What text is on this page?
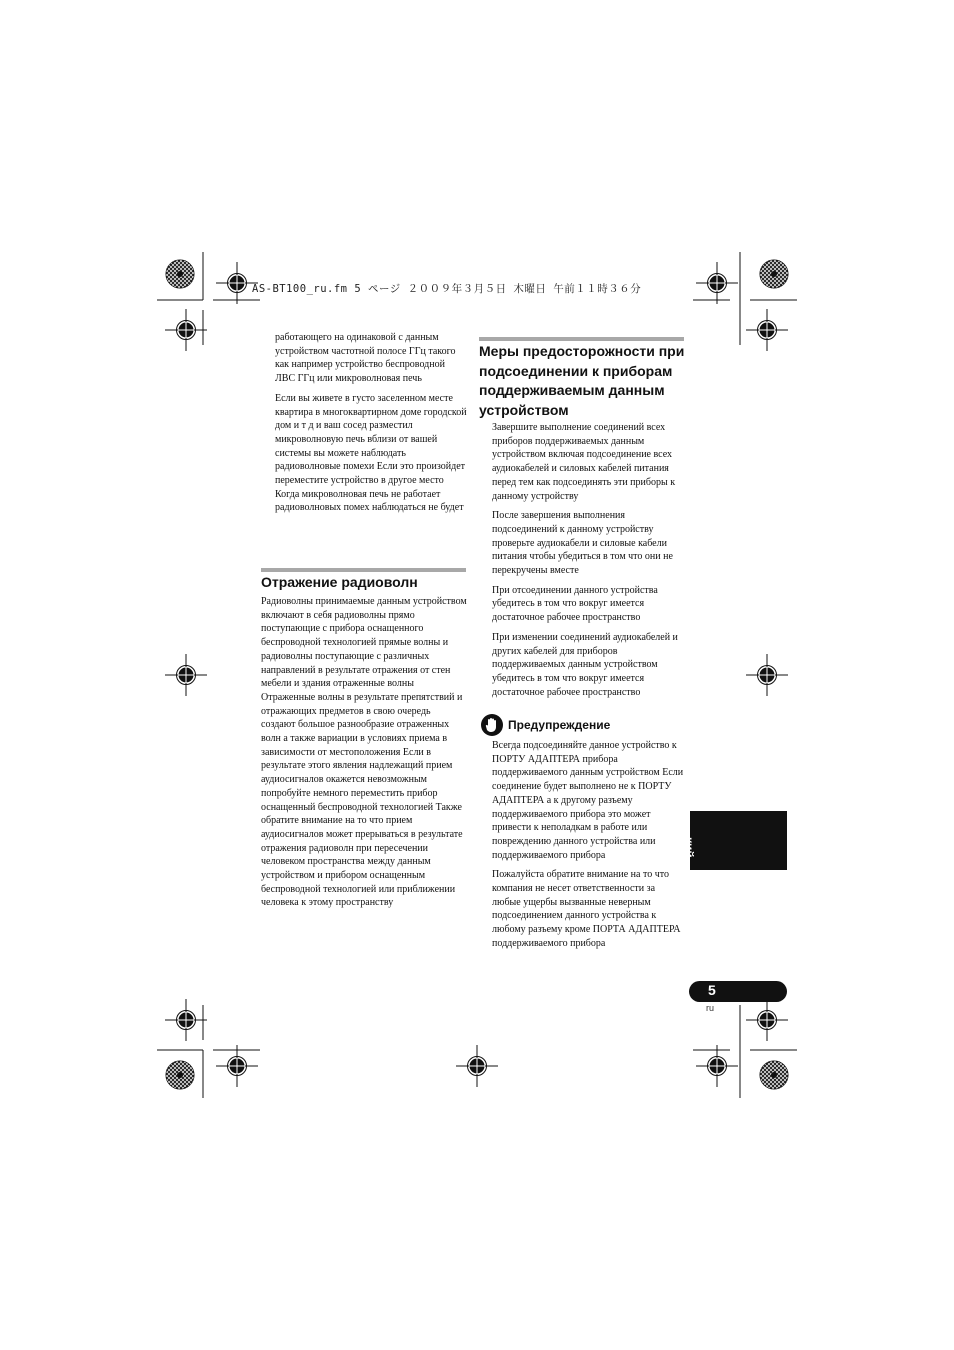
AS-BT100_ru.fm 5 ページ ２００９年３月５日 木曜日 午前１１時３６分

работающего на одинаковой с данным устройством частотной полосе ГГц такого как например устройство беспроводной ЛВС ГГц или микроволновая печь

Если вы живете в густо заселенном месте квартира в многоквартирном доме городской дом и т д и ваш сосед разместил микроволновую печь вблизи от вашей системы вы можете наблюдать радиоволновые помехи Если это произойдет переместите устройство в другое место Когда микроволновая печь не работает радиоволновых помех наблюдаться не будет

Отражение радиоволн

Радиоволны принимаемые данным устройством включают в себя радиоволны прямо поступающие с прибора оснащенного беспроводной технологией прямые волны и радиоволны поступающие с различных направлений в результате отражения от стен мебели и здания отраженные волны Отраженные волны в результате препятствий и отражающих предметов в свою очередь создают большое разнообразие отраженных волн а также вариации в условиях приема в зависимости от местоположения Если в результате этого явления надлежащий прием аудиосигналов окажется невозможным попробуйте немного переместить прибор оснащенный беспроводной технологией Также обратите внимание на то что прием аудиосигналов может прерываться в результате отражения радиоволн при пересечении человеком пространства между данным устройством и прибором оснащенным беспроводной технологией или приближении человека к этому пространству

Меры предосторожности при подсоединении к приборам поддерживаемым данным устройством

Завершите выполнение соединений всех приборов поддерживаемых данным устройством включая подсоединение всех аудиокабелей и силовых кабелей питания перед тем как подсоединять эти приборы к данному устройству

После завершения выполнения подсоединений к данному устройству проверьте аудиокабели и силовые кабели питания чтобы убедиться в том что они не перекручены вместе

При отсоединении данного устройства убедитесь в том что вокруг имеется достаточное рабочее пространство

При изменении соединений аудиокабелей и других кабелей для приборов поддерживаемых данным устройством убедитесь в том что вокруг имеется достаточное рабочее пространство

Предупреждение

Всегда подсоединяйте данное устройство к ПОРТУ АДАПТЕРА прибора поддерживаемого данным устройством Если соединение будет выполнено не к ПОРТУ АДАПТЕРА а к другому разъему поддерживаемого прибора это может привести к неполадкам в работе или повреждению данного устройства или поддерживаемого прибора

Пожалуйста обратите внимание на то что компания не несет ответственности за любые ущербы вызванные неверным подсоединением данного устройства к любому разъему кроме ПОРТА АДАПТЕРА поддерживаемого прибора

кий
5
ru
